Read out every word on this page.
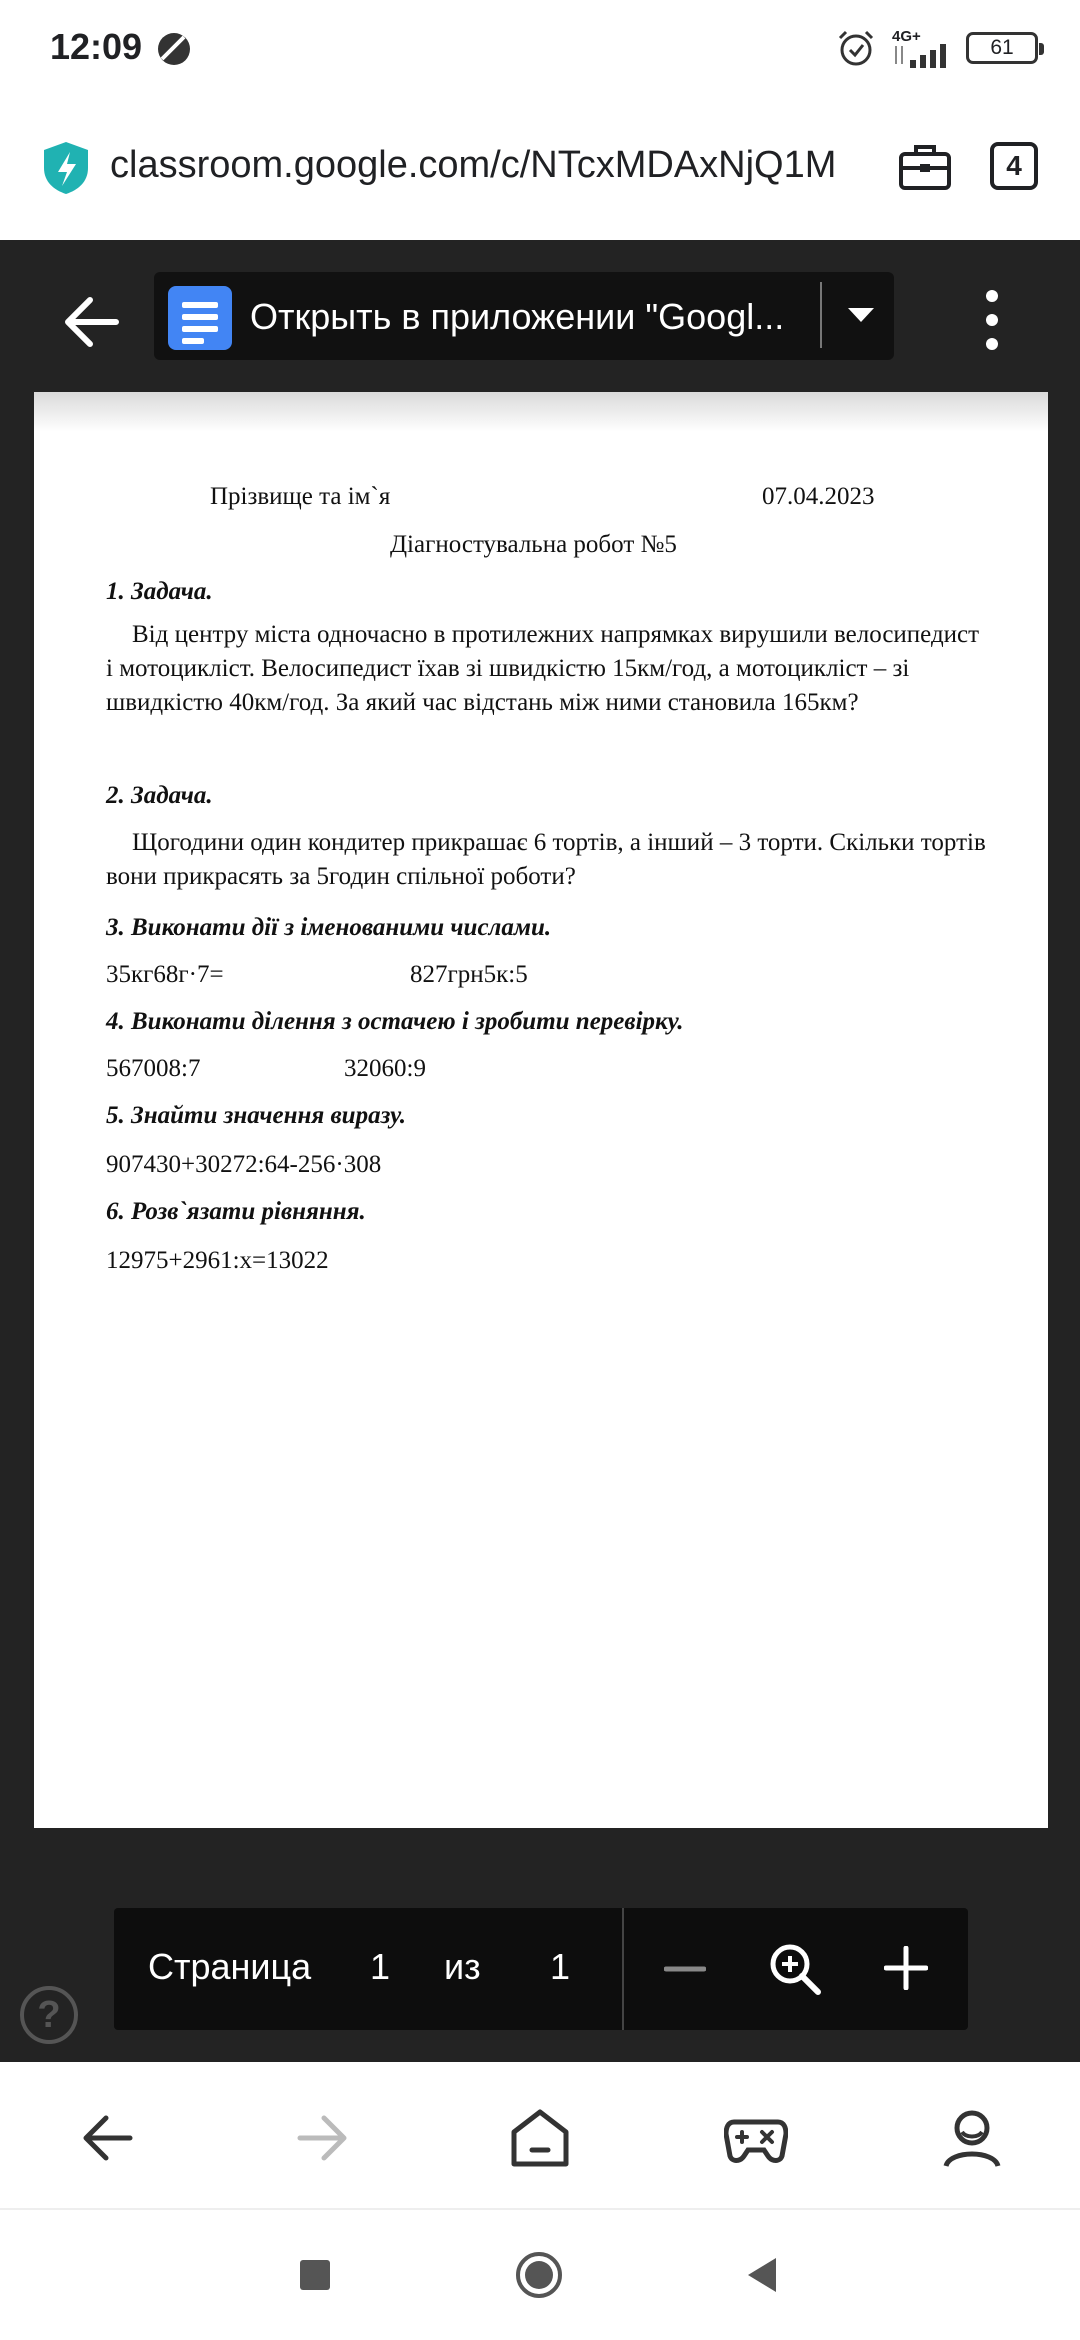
12:09	4G+	61
classroom.google.com/c/NTcxMDAxNjQ1M	4
Открыть в приложении "Googl...
Прізвище та ім`я	07.04.2023
Діагностувальна робот №5
1. Задача.
Від центру міста одночасно в протилежних напрямках вирушили велосипедист і мотоцикліст. Велосипедист їхав зі швидкістю 15км/год, а мотоцикліст – зі швидкістю 40км/год. За який час відстань між ними становила 165км?
2. Задача.
Щогодини один кондитер прикрашає 6 тортів, а інший – 3 торти. Скільки тортів вони прикрасять за 5годин спільної роботи?
3. Виконати дії з іменованими числами.
35кг68г·7=	827грн5к:5
4. Виконати ділення з остачею і зробити перевірку.
567008:7	32060:9
5. Знайти значення виразу.
907430+30272:64-256·308
6. Розв`язати рівняння.
12975+2961:x=13022
Страница 1 из 1
?
